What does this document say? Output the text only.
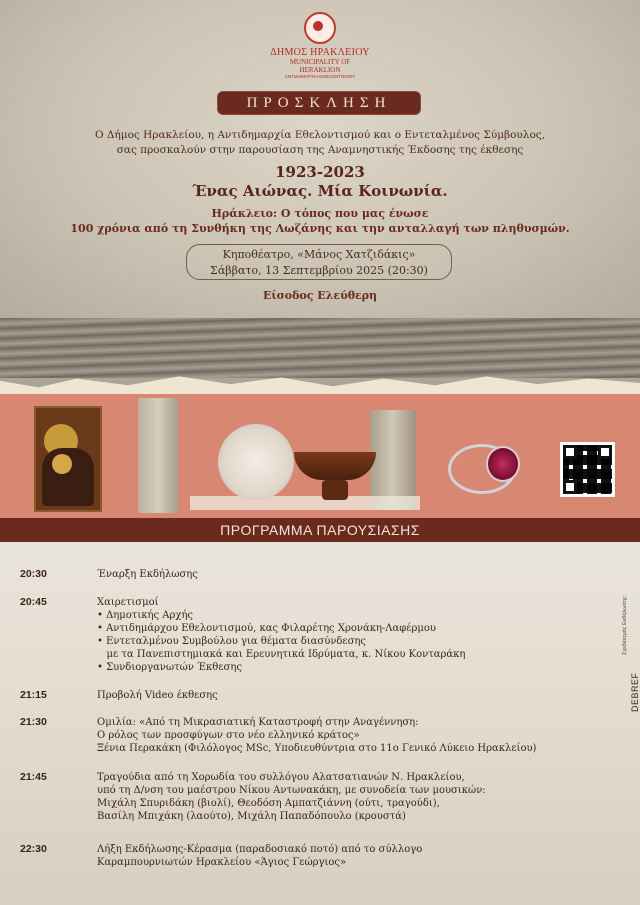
ΔΗΜΟΣ ΗΡΑΚΛΕΙΟΥ
MUNICIPALITY OF HERAKLION
ΑΝΤΙΔΗΜΑΡΧΙΑ ΕΘΕΛΟΝΤΙΣΜΟΥ
ΠΡΟΣΚΛΗΣΗ
Ο Δήμος Ηρακλείου, η Αντιδημαρχία Εθελοντισμού και ο Εντεταλμένος Σύμβουλος,
σας προσκαλούν στην παρουσίαση της Αναμνηστικής Έκδοσης της έκθεσης
1923-2023
Ένας Αιώνας. Μία Κοινωνία.
Ηράκλειο: Ο τόπος που μας ένωσε
100 χρόνια από τη Συνθήκη της Λωζάνης και την ανταλλαγή των πληθυσμών.
Κηποθέατρο, «Μάνος Χατζιδάκις»
Σάββατο, 13 Σεπτεμβρίου 2025 (20:30)
Είσοδος Ελεύθερη
ΠΡΟΓΡΑΜΜΑ ΠΑΡΟΥΣΙΑΣΗΣ
20:30	Έναρξη Εκδήλωσης
20:45	Χαιρετισμοί
• Δημοτικής Αρχής
• Αντιδημάρχου Εθελοντισμού, κας Φιλαρέτης Χρονάκη-Λαφέρμου
• Εντεταλμένου Συμβούλου για θέματα διασύνδεσης
με τα Πανεπιστημιακά και Ερευνητικά Ιδρύματα, κ. Νίκου Κονταράκη
• Συνδιοργανωτών Έκθεσης
21:15	Προβολή Video έκθεσης
21:30	Ομιλία: «Από τη Μικρασιατική Καταστροφή στην Αναγέννηση:
Ο ρόλος των προσφύγων στο νέο ελληνικό κράτος»
Ξένια Περακάκη (Φιλόλογος MSc, Υποδιευθύντρια στο 11ο Γενικό Λύκειο Ηρακλείου)
21:45	Τραγούδια από τη Χορωδία του συλλόγου Αλατσατιανών Ν. Ηρακλείου,
υπό τη Δ/νση του μαέστρου Νίκου Αντωνακάκη, με συνοδεία των μουσικών:
Μιχάλη Σπυριδάκη (βιολί), Θεοδόση Αμπατζιάννη (ούτι, τραγούδι),
Βασίλη Μπιχάκη (λαούτο), Μιχάλη Παπαδόπουλο (κρουστά)
22:30	Λήξη Εκδήλωσης-Κέρασμα (παραδοσιακό ποτό) από το σύλλογο
Καραμπουρνιωτών Ηρακλείου «Άγιος Γεώργιος»
Σχεδιασμός Εκδήλωσης:
DEBREF
